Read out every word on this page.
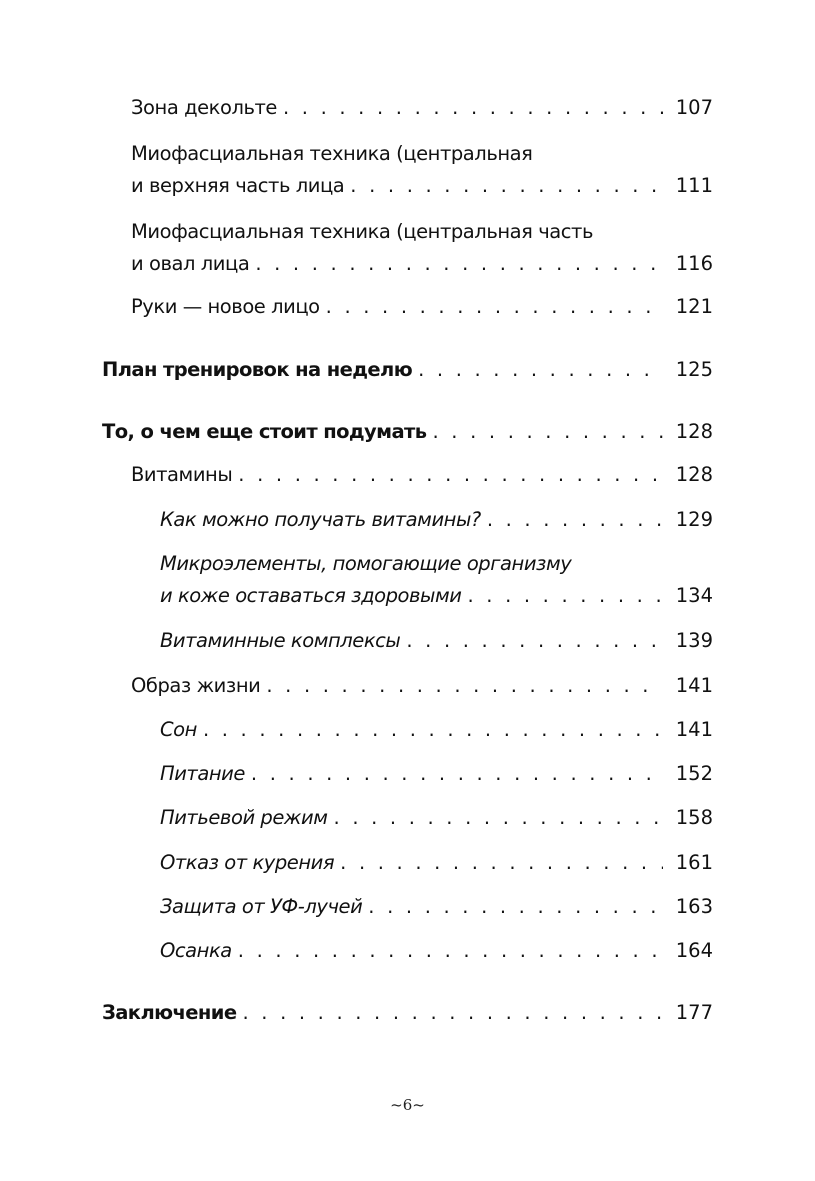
Зона декольте . . .	107
Миофасциальная техника (центральная
и верхняя часть лица . . .	111
Миофасциальная техника (центральная часть
и овал лица . . .	116
Руки — новое лицо . . .	121
План тренировок на неделю . . .	125
То, о чем еще стоит подумать . . .	128
Витамины . . .	128
Как можно получать витамины? . . .	129
Микроэлементы, помогающие организму
и коже оставаться здоровыми . . .	134
Витаминные комплексы . . .	139
Образ жизни . . .	141
Сон . . .	141
Питание . . .	152
Питьевой режим . . .	158
Отказ от курения . . .	161
Защита от УФ-лучей . . .	163
Осанка . . .	164
Заключение . . .	177
~6~
